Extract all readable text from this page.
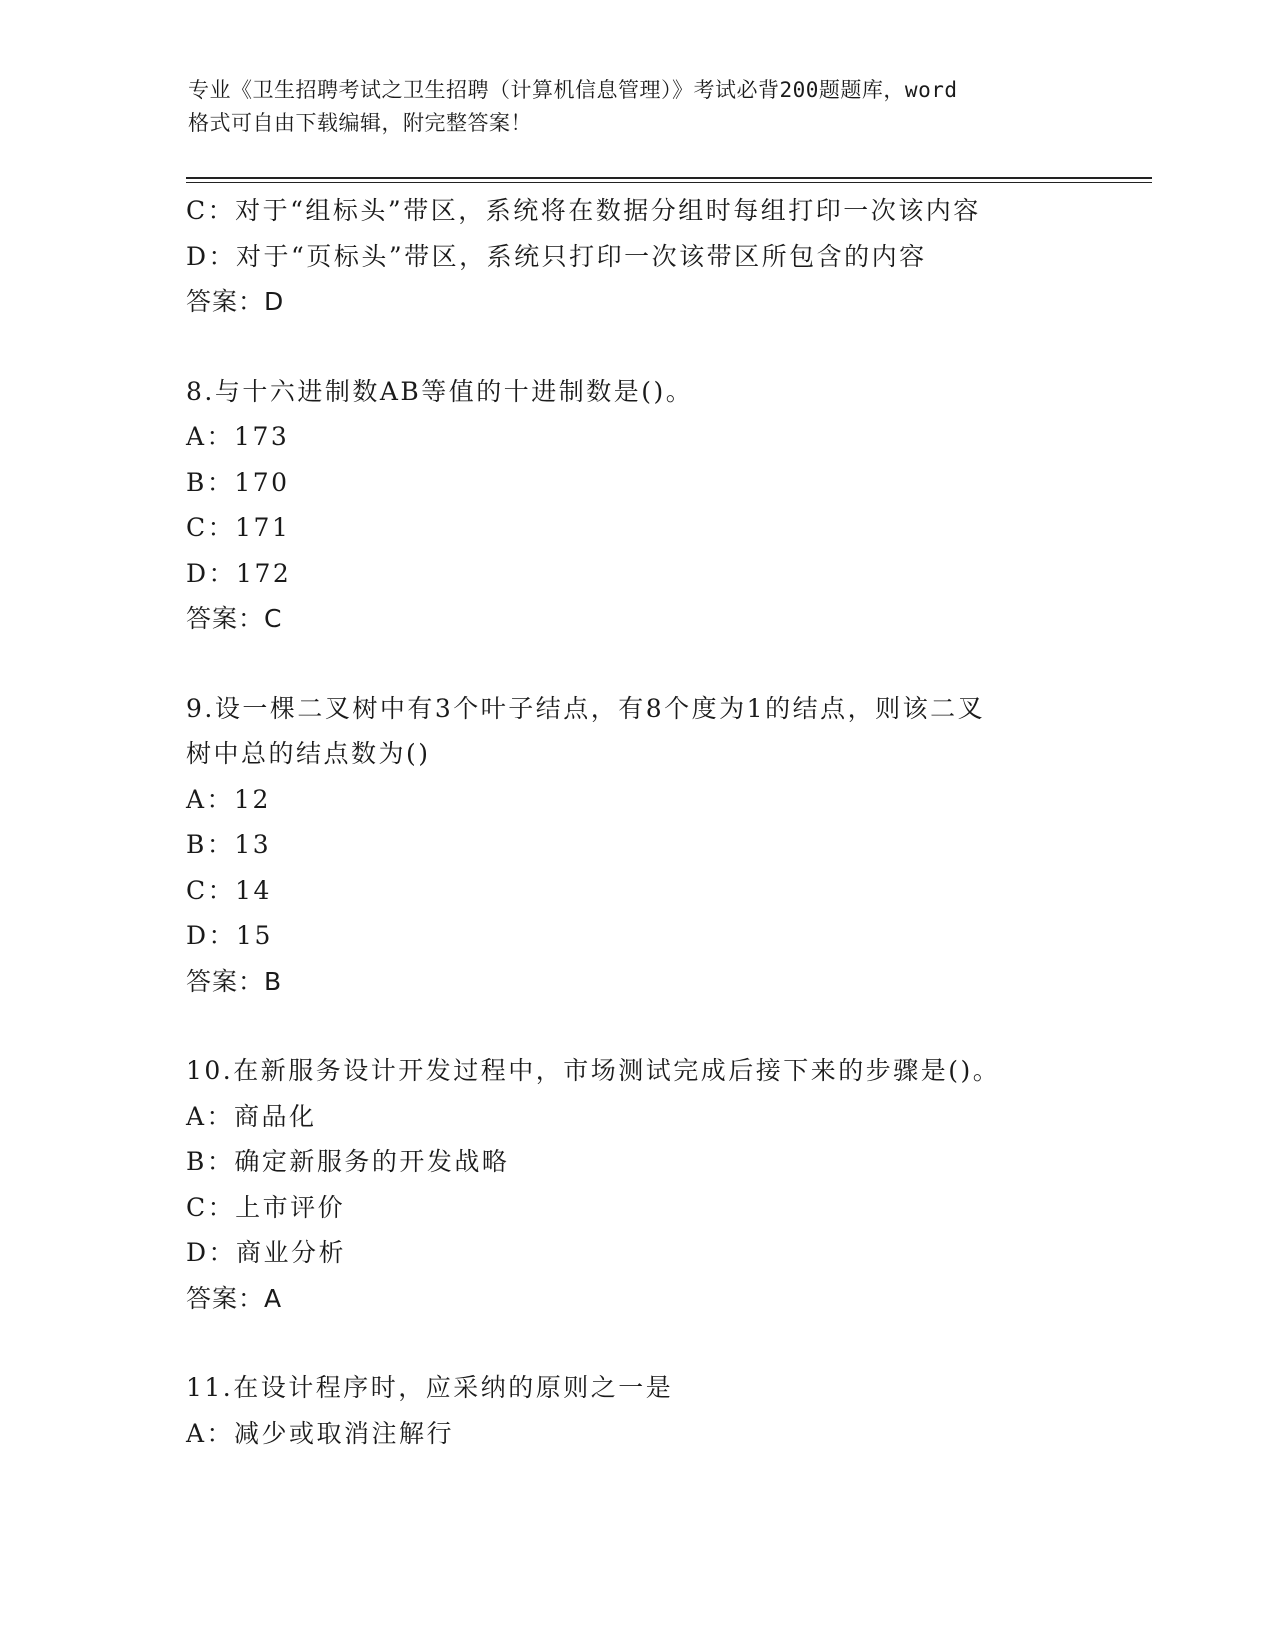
专业《卫生招聘考试之卫生招聘（计算机信息管理）》考试必背200题题库，word

格式可自由下载编辑，附完整答案！

C：对于“组标头”带区，系统将在数据分组时每组打印一次该内容
D：对于“页标头”带区，系统只打印一次该带区所包含的内容
答案：D
8.与十六进制数AB等值的十进制数是()。
A：173
B：170
C：171
D：172
答案：C
9.设一棵二叉树中有3个叶子结点，有8个度为1的结点，则该二叉
树中总的结点数为()
A：12
B：13
C：14
D：15
答案：B
10.在新服务设计开发过程中，市场测试完成后接下来的步骤是()。
A：商品化
B：确定新服务的开发战略
C：上市评价
D：商业分析
答案：A
11.在设计程序时，应采纳的原则之一是
A：减少或取消注解行
